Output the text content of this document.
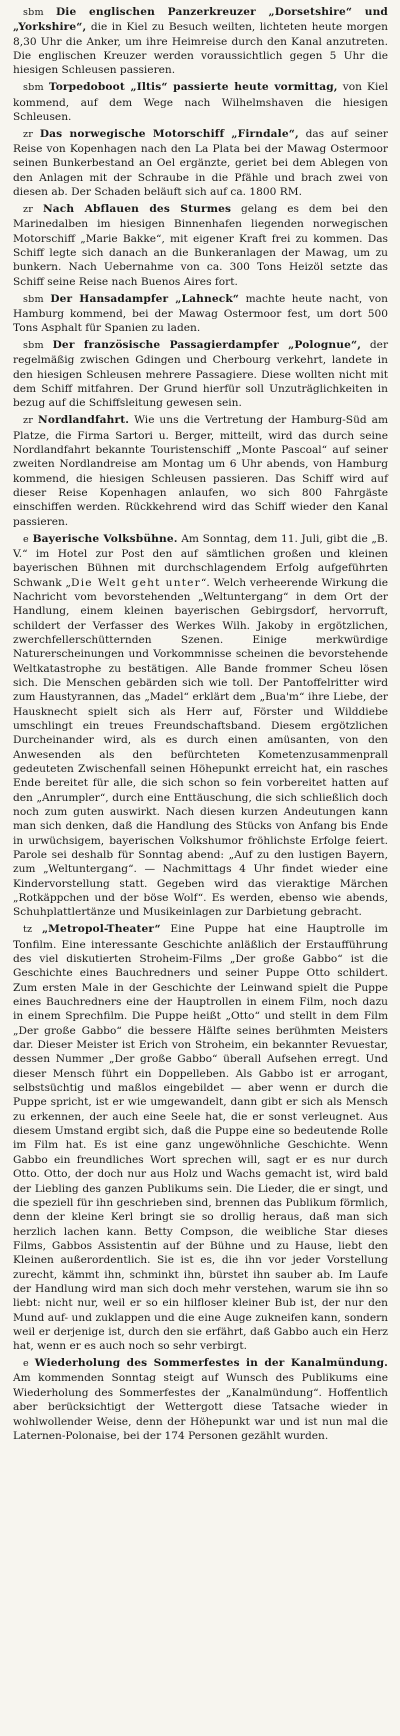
sbm Die englischen Panzerkreuzer „Dorsetshire“ und „Yorkshire“, die in Kiel zu Besuch weilten, lichteten heute morgen 8,30 Uhr die Anker, um ihre Heimreise durch den Kanal anzutreten. Die englischen Kreuzer werden voraussichtlich gegen 5 Uhr die hiesigen Schleusen passieren.

sbm Torpedoboot „Iltis“ passierte heute vormittag, von Kiel kommend, auf dem Wege nach Wilhelmshaven die hiesigen Schleusen.

zr Das norwegische Motorschiff „Firndale“, das auf seiner Reise von Kopenhagen nach den La Plata bei der Mawag Ostermoor seinen Bunkerbestand an Oel ergänzte, geriet bei dem Ablegen von den Anlagen mit der Schraube in die Pfähle und brach zwei von diesen ab. Der Schaden beläuft sich auf ca. 1800 RM.

zr Nach Abflauen des Sturmes gelang es dem bei den Marinedalben im hiesigen Binnenhafen liegenden norwegischen Motorschiff „Marie Bakke“, mit eigener Kraft frei zu kommen. Das Schiff legte sich danach an die Bunkeranlagen der Mawag, um zu bunkern. Nach Uebernahme von ca. 300 Tons Heizöl setzte das Schiff seine Reise nach Buenos Aires fort.

sbm Der Hansadampfer „Lahneck“ machte heute nacht, von Hamburg kommend, bei der Mawag Ostermoor fest, um dort 500 Tons Asphalt für Spanien zu laden.

sbm Der französische Passagierdampfer „Polognue“, der regelmäßig zwischen Gdingen und Cherbourg verkehrt, landete in den hiesigen Schleusen mehrere Passagiere. Diese wollten nicht mit dem Schiff mitfahren. Der Grund hierfür soll Unzuträglichkeiten in bezug auf die Schiffsleitung gewesen sein.

zr Nordlandfahrt. Wie uns die Vertretung der Hamburg-Süd am Platze, die Firma Sartori u. Berger, mitteilt, wird das durch seine Nordlandfahrt bekannte Touristenschiff „Monte Pascoal“ auf seiner zweiten Nordlandreise am Montag um 6 Uhr abends, von Hamburg kommend, die hiesigen Schleusen passieren. Das Schiff wird auf dieser Reise Kopenhagen anlaufen, wo sich 800 Fahrgäste einschiffen werden. Rückkehrend wird das Schiff wieder den Kanal passieren.

e Bayerische Volksbühne. Am Sonntag, dem 11. Juli, gibt die „B. V.“ im Hotel zur Post den auf sämtlichen großen und kleinen bayerischen Bühnen mit durchschlagendem Erfolg aufgeführten Schwank „Die Welt geht unter“. Welch verheerende Wirkung die Nachricht vom bevorstehenden „Weltuntergang“ in dem Ort der Handlung, einem kleinen bayerischen Gebirgsdorf, hervorruft, schildert der Verfasser des Werkes Wilh. Jakoby in ergötzlichen, zwerchfellerschütternden Szenen. Einige merkwürdige Naturerscheinungen und Vorkommnisse scheinen die bevorstehende Weltkatastrophe zu bestätigen. Alle Bande frommer Scheu lösen sich. Die Menschen gebärden sich wie toll. Der Pantoffelritter wird zum Haustyrannen, das „Madel“ erklärt dem „Bua'm“ ihre Liebe, der Hausknecht spielt sich als Herr auf, Förster und Wilddiebe umschlingt ein treues Freundschaftsband. Diesem ergötzlichen Durcheinander wird, als es durch einen amüsanten, von den Anwesenden als den befürchteten Kometenzusammenprall gedeuteten Zwischenfall seinen Höhepunkt erreicht hat, ein rasches Ende bereitet für alle, die sich schon so fein vorbereitet hatten auf den „Anrumpler“, durch eine Enttäuschung, die sich schließlich doch noch zum guten auswirkt. Nach diesen kurzen Andeutungen kann man sich denken, daß die Handlung des Stücks von Anfang bis Ende in urwüchsigem, bayerischen Volkshumor fröhlichste Erfolge feiert. Parole sei deshalb für Sonntag abend: „Auf zu den lustigen Bayern, zum „Weltuntergang“. — Nachmittags 4 Uhr findet wieder eine Kindervorstellung statt. Gegeben wird das vieraktige Märchen „Rotkäppchen und der böse Wolf“. Es werden, ebenso wie abends, Schuhplattlertänze und Musikeinlagen zur Darbietung gebracht.

tz „Metropol-Theater“ Eine Puppe hat eine Hauptrolle im Tonfilm. Eine interessante Geschichte anläßlich der Erstaufführung des viel diskutierten Stroheim-Films „Der große Gabbo“ ist die Geschichte eines Bauchredners und seiner Puppe Otto schildert. Zum ersten Male in der Geschichte der Leinwand spielt die Puppe eines Bauchredners eine der Hauptrollen in einem Film, noch dazu in einem Sprechfilm. Die Puppe heißt „Otto“ und stellt in dem Film „Der große Gabbo“ die bessere Hälfte seines berühmten Meisters dar. Dieser Meister ist Erich von Stroheim, ein bekannter Revuestar, dessen Nummer „Der große Gabbo“ überall Aufsehen erregt. Und dieser Mensch führt ein Doppelleben. Als Gabbo ist er arrogant, selbstsüchtig und maßlos eingebildet — aber wenn er durch die Puppe spricht, ist er wie umgewandelt, dann gibt er sich als Mensch zu erkennen, der auch eine Seele hat, die er sonst verleugnet. Aus diesem Umstand ergibt sich, daß die Puppe eine so bedeutende Rolle im Film hat. Es ist eine ganz ungewöhnliche Geschichte. Wenn Gabbo ein freundliches Wort sprechen will, sagt er es nur durch Otto. Otto, der doch nur aus Holz und Wachs gemacht ist, wird bald der Liebling des ganzen Publikums sein. Die Lieder, die er singt, und die speziell für ihn geschrieben sind, brennen das Publikum förmlich, denn der kleine Kerl bringt sie so drollig heraus, daß man sich herzlich lachen kann. Betty Compson, die weibliche Star dieses Films, Gabbos Assistentin auf der Bühne und zu Hause, liebt den Kleinen außerordentlich. Sie ist es, die ihn vor jeder Vorstellung zurecht, kämmt ihn, schminkt ihn, bürstet ihn sauber ab. Im Laufe der Handlung wird man sich doch mehr verstehen, warum sie ihn so liebt: nicht nur, weil er so ein hilfloser kleiner Bub ist, der nur den Mund auf- und zuklappen und die eine Auge zukneifen kann, sondern weil er derjenige ist, durch den sie erfährt, daß Gabbo auch ein Herz hat, wenn er es auch noch so sehr verbirgt.

e Wiederholung des Sommerfestes in der Kanalmündung. Am kommenden Sonntag steigt auf Wunsch des Publikums eine Wiederholung des Sommerfestes der „Kanalmündung“. Hoffentlich aber berücksichtigt der Wettergott diese Tatsache wieder in wohlwollender Weise, denn der Höhepunkt war und ist nun mal die Laternen-Polonaise, bei der 174 Personen gezählt wurden.
